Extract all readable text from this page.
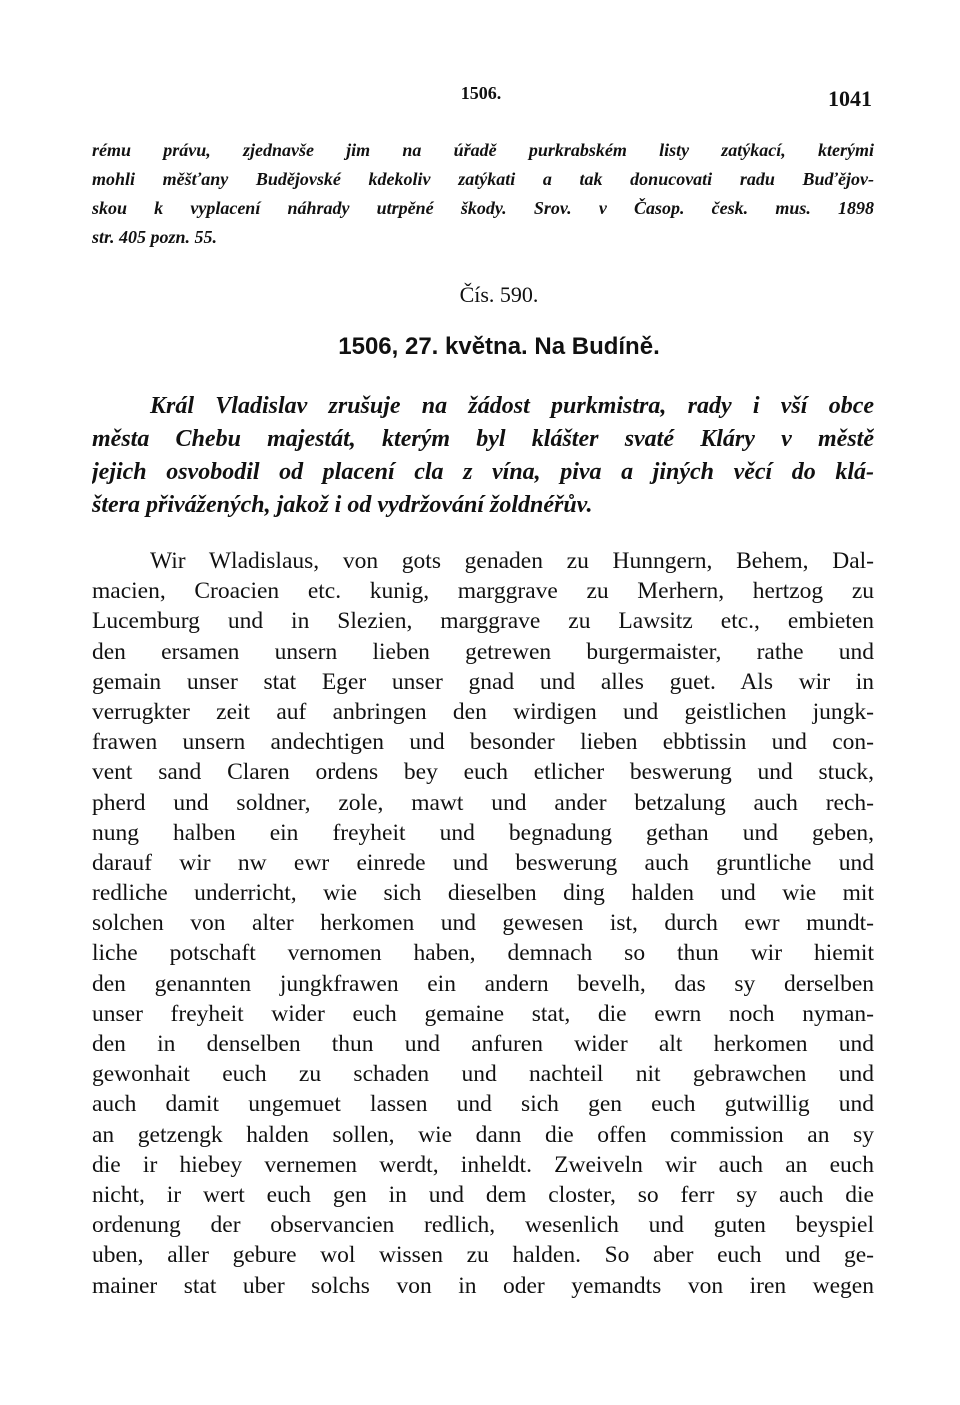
1506.	1041
rému právu, zjednavše jim na úřadě purkrabském listy zatýkací, kterými
mohli měšťany Budějovské kdekoliv zatýkati a tak donucovati radu Buďějov-
skou k vyplacení náhrady utrpěné škody. Srov. v Časop. česk. mus. 1898
str. 405 pozn. 55.
Čís. 590.
1506, 27. května. Na Budíně.
Král Vladislav zrušuje na žádost purkmistra, rady i vší obce
města Chebu majestát, kterým byl klášter svaté Kláry v městě
jejich osvobodil od placení cla z vína, piva a jiných věcí do klá-
štera přivážených, jakož i od vydržování žoldnéřův.
Wir Wladislaus, von gots genaden zu Hunngern, Behem, Dal-
macien, Croacien etc. kunig, marggrave zu Merhern, hertzog zu
Lucemburg und in Slezien, marggrave zu Lawsitz etc., embieten
den ersamen unsern lieben getrewen burgermaister, rathe und
gemain unser stat Eger unser gnad und alles guet. Als wir in
verrugkter zeit auf anbringen den wirdigen und geistlichen jungk-
frawen unsern andechtigen und besonder lieben ebbtissin und con-
vent sand Claren ordens bey euch etlicher beswerung und stuck,
pherd und soldner, zole, mawt und ander betzalung auch rech-
nung halben ein freyheit und begnadung gethan und geben,
darauf wir nw ewr einrede und beswerung auch gruntliche und
redliche underricht, wie sich dieselben ding halden und wie mit
solchen von alter herkomen und gewesen ist, durch ewr mundt-
liche potschaft vernomen haben, demnach so thun wir hiemit
den genannten jungkfrawen ein andern bevelh, das sy derselben
unser freyheit wider euch gemaine stat, die ewrn noch nyman-
den in denselben thun und anfuren wider alt herkomen und
gewonhait euch zu schaden und nachteil nit gebrawchen und
auch damit ungemuet lassen und sich gen euch gutwillig und
an getzengk halden sollen, wie dann die offen commission an sy
die ir hiebey vernemen werdt, inheldt. Zweiveln wir auch an euch
nicht, ir wert euch gen in und dem closter, so ferr sy auch die
ordenung der observancien redlich, wesenlich und guten beyspiel
uben, aller gebure wol wissen zu halden. So aber euch und ge-
mainer stat uber solchs von in oder yemandts von iren wegen
